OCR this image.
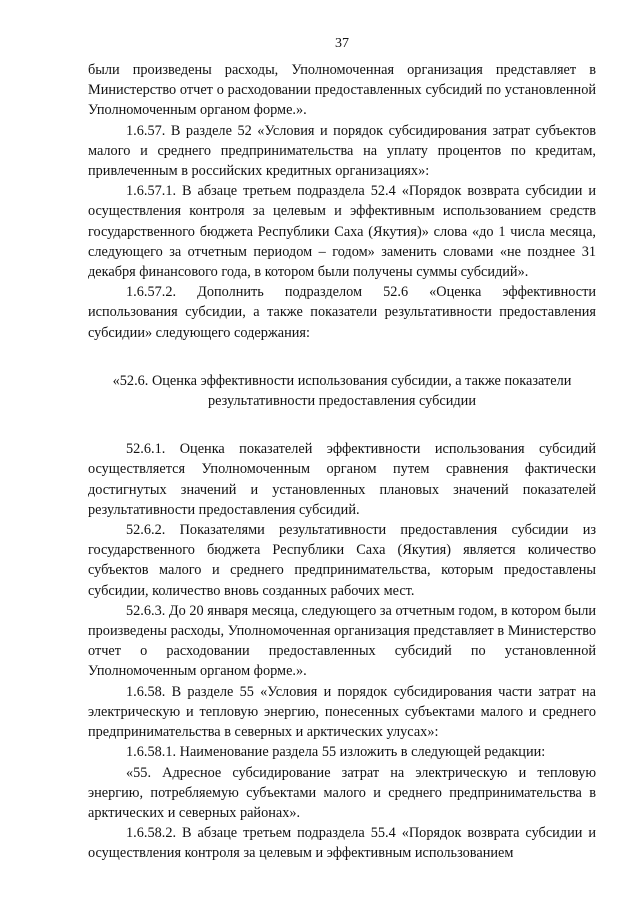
37

были произведены расходы, Уполномоченная организация представляет в Министерство отчет о расходовании предоставленных субсидий по установленной Уполномоченным органом форме.».

1.6.57. В разделе 52 «Условия и порядок субсидирования затрат субъектов малого и среднего предпринимательства на уплату процентов по кредитам, привлеченным в российских кредитных организациях»:

1.6.57.1. В абзаце третьем подраздела 52.4 «Порядок возврата субсидии и осуществления контроля за целевым и эффективным использованием средств государственного бюджета Республики Саха (Якутия)» слова «до 1 числа месяца, следующего за отчетным периодом – годом» заменить словами «не позднее 31 декабря финансового года, в котором были получены суммы субсидий».

1.6.57.2. Дополнить подразделом 52.6 «Оценка эффективности использования субсидии, а также показатели результативности предоставления субсидии» следующего содержания:

«52.6. Оценка эффективности использования субсидии, а также показатели результативности предоставления субсидии

52.6.1. Оценка показателей эффективности использования субсидий осуществляется Уполномоченным органом путем сравнения фактически достигнутых значений и установленных плановых значений показателей результативности предоставления субсидий.

52.6.2. Показателями результативности предоставления субсидии из государственного бюджета Республики Саха (Якутия) является количество субъектов малого и среднего предпринимательства, которым предоставлены субсидии, количество вновь созданных рабочих мест.

52.6.3. До 20 января месяца, следующего за отчетным годом, в котором были произведены расходы, Уполномоченная организация представляет в Министерство отчет о расходовании предоставленных субсидий по установленной Уполномоченным органом форме.».

1.6.58. В разделе 55 «Условия и порядок субсидирования части затрат на электрическую и тепловую энергию, понесенных субъектами малого и среднего предпринимательства в северных и арктических улусах»:

1.6.58.1. Наименование раздела 55 изложить в следующей редакции:

«55. Адресное субсидирование затрат на электрическую и тепловую энергию, потребляемую субъектами малого и среднего предпринимательства в арктических и северных районах».

1.6.58.2. В абзаце третьем подраздела 55.4 «Порядок возврата субсидии и осуществления контроля за целевым и эффективным использованием
